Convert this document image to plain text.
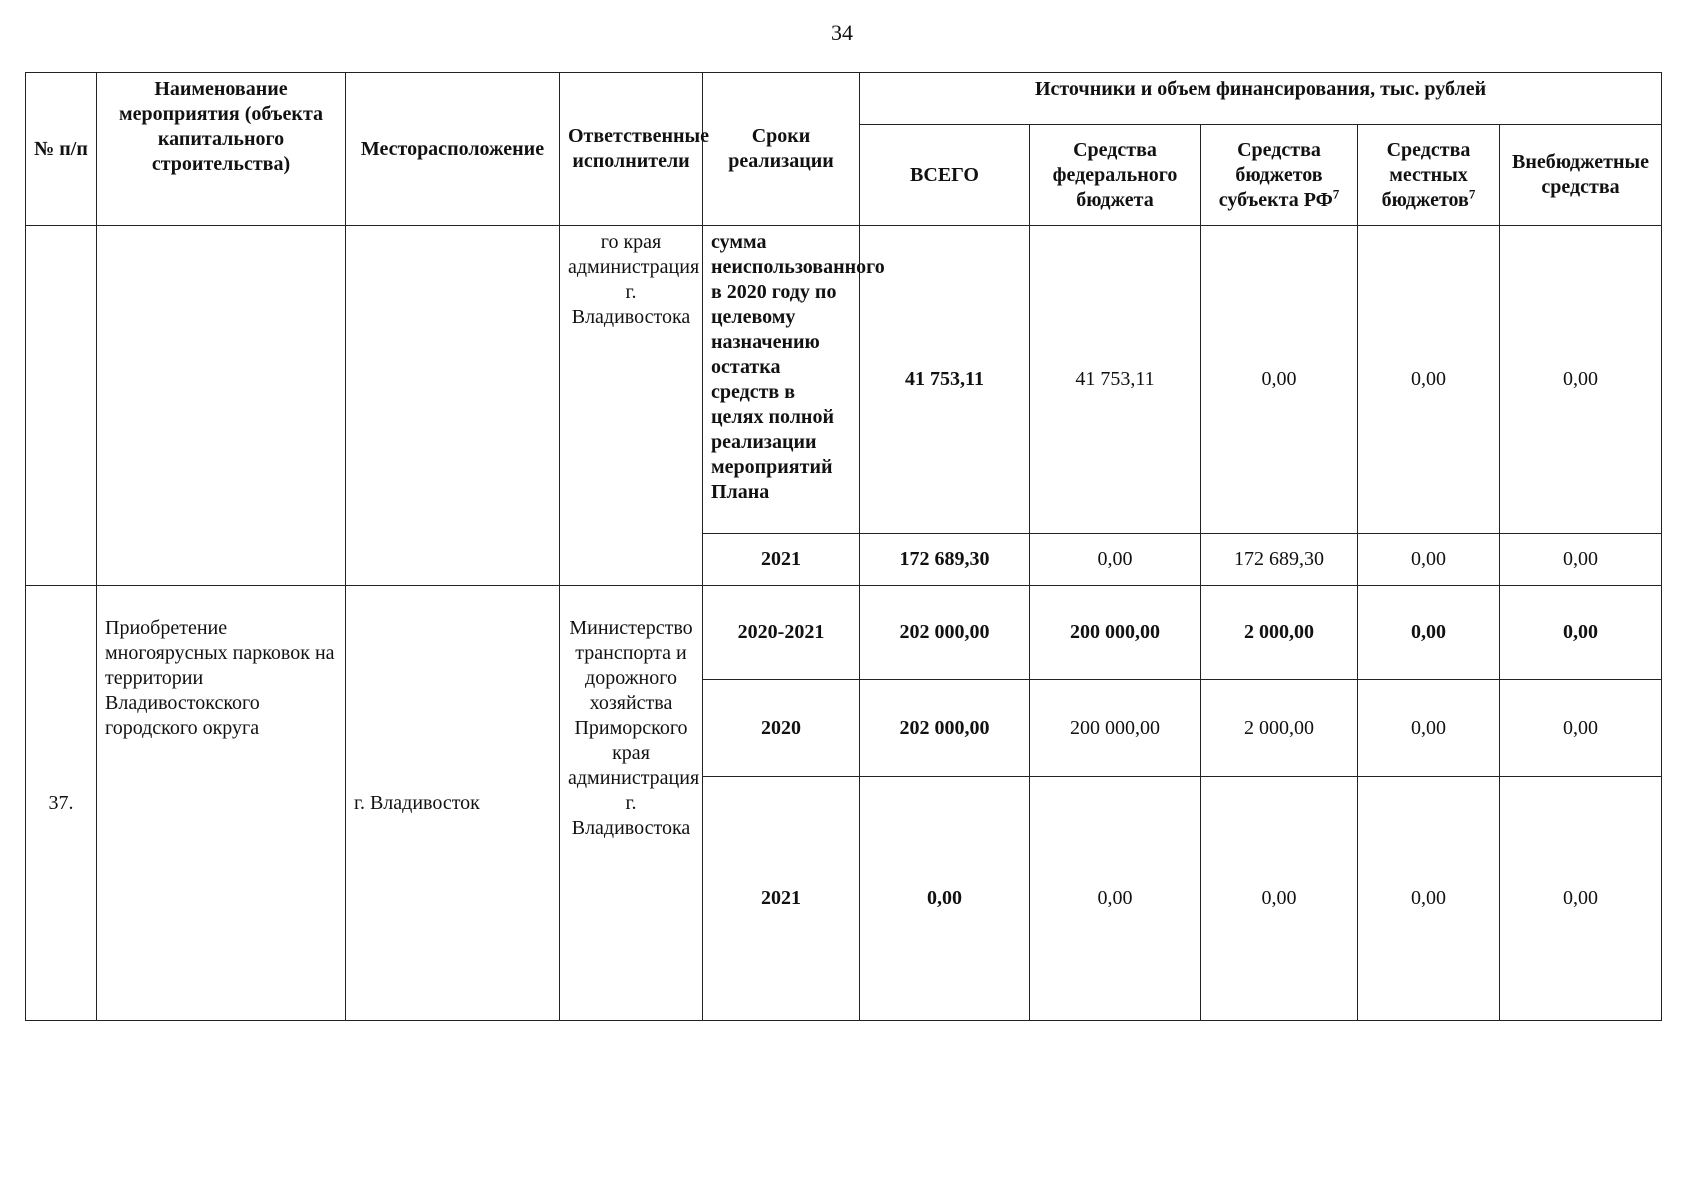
34
№ п/п	Наименование мероприятия (объекта капитального строительства)	Месторасположение	Ответственные исполнители	Сроки реализации	Источники и объем финансирования, тыс. рублей				
					ВСЕГО	Средства федерального бюджета	Средства бюджетов субъекта $РФ^7$	Средства местных бюджетов$^7$	Внебюджетные средства
			го края администрация г. Владивостока	сумма неиспользованного в 2020 году по целевому назначению остатка средств в целях полной реализации мероприятий Плана	41 753,11	41 753,11	0,00	0,00	0,00
				2021	172 689,30	0,00	172 689,30	0,00	0,00
37.	Приобретение многоярусных парковок на территории Владивостокского городского округа	г. Владивосток	Министерство транспорта и дорожного хозяйства Приморского края администрация г. Владивостока	2020-2021	202 000,00	200 000,00	2 000,00	0,00	0,00
				2020	202 000,00	200 000,00	2 000,00	0,00	0,00
				2021	0,00	0,00	0,00	0,00	0,00
